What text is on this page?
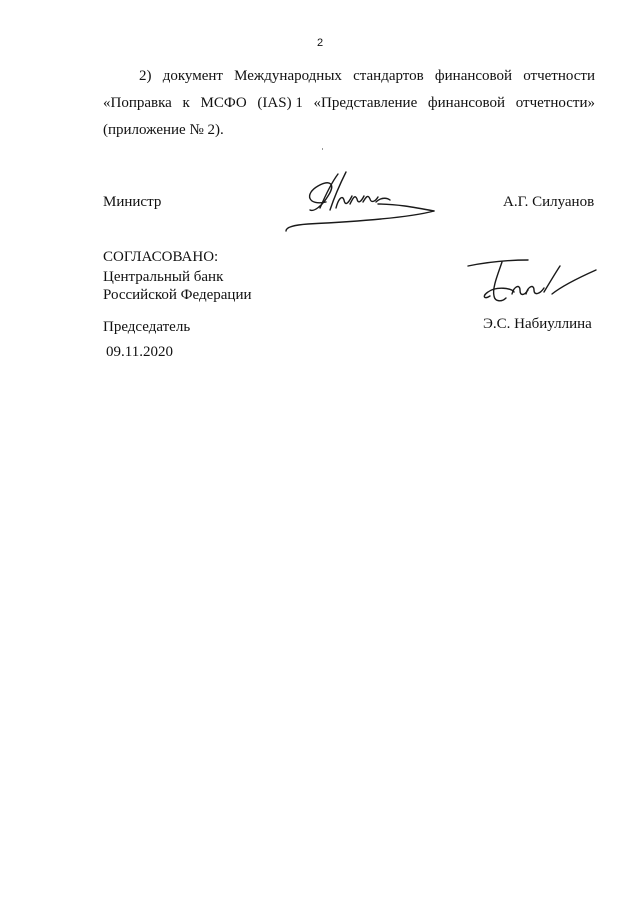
2
2) документ Международных стандартов финансовой отчетности
«Поправка к МСФО (IAS) 1 «Представление финансовой отчетности»
(приложение № 2).
Министр	А.Г. Силуанов
СОГЛАСОВАНО:
Центральный банк
Российской Федерации
Председатель	Э.С. Набиуллина
09.11.2020
